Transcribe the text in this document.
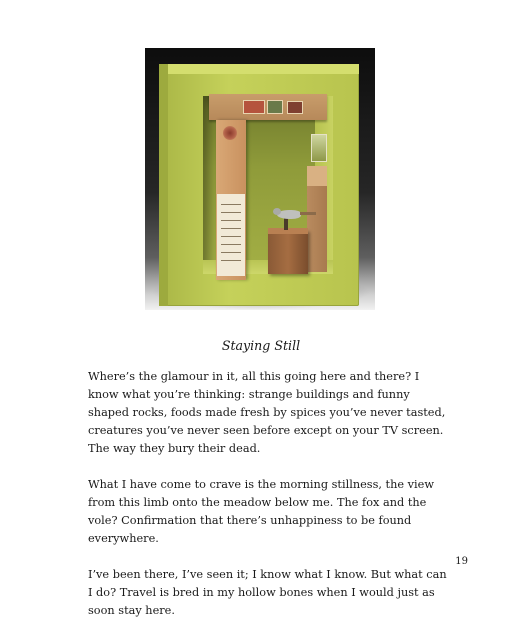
Staying Still

Where’s the glamour in it, all this going here and there? I know what you’re thinking: strange buildings and funny shaped rocks, foods made fresh by spices you’ve never tasted, creatures you’ve never seen before except on your TV screen. The way they bury their dead.

What I have come to crave is the morning stillness, the view from this limb onto the meadow below me. The fox and the vole? Confirmation that there’s unhappiness to be found everywhere.

I’ve been there, I’ve seen it; I know what I know. But what can I do? Travel is bred in my hollow bones when I would just as soon stay here.

19
